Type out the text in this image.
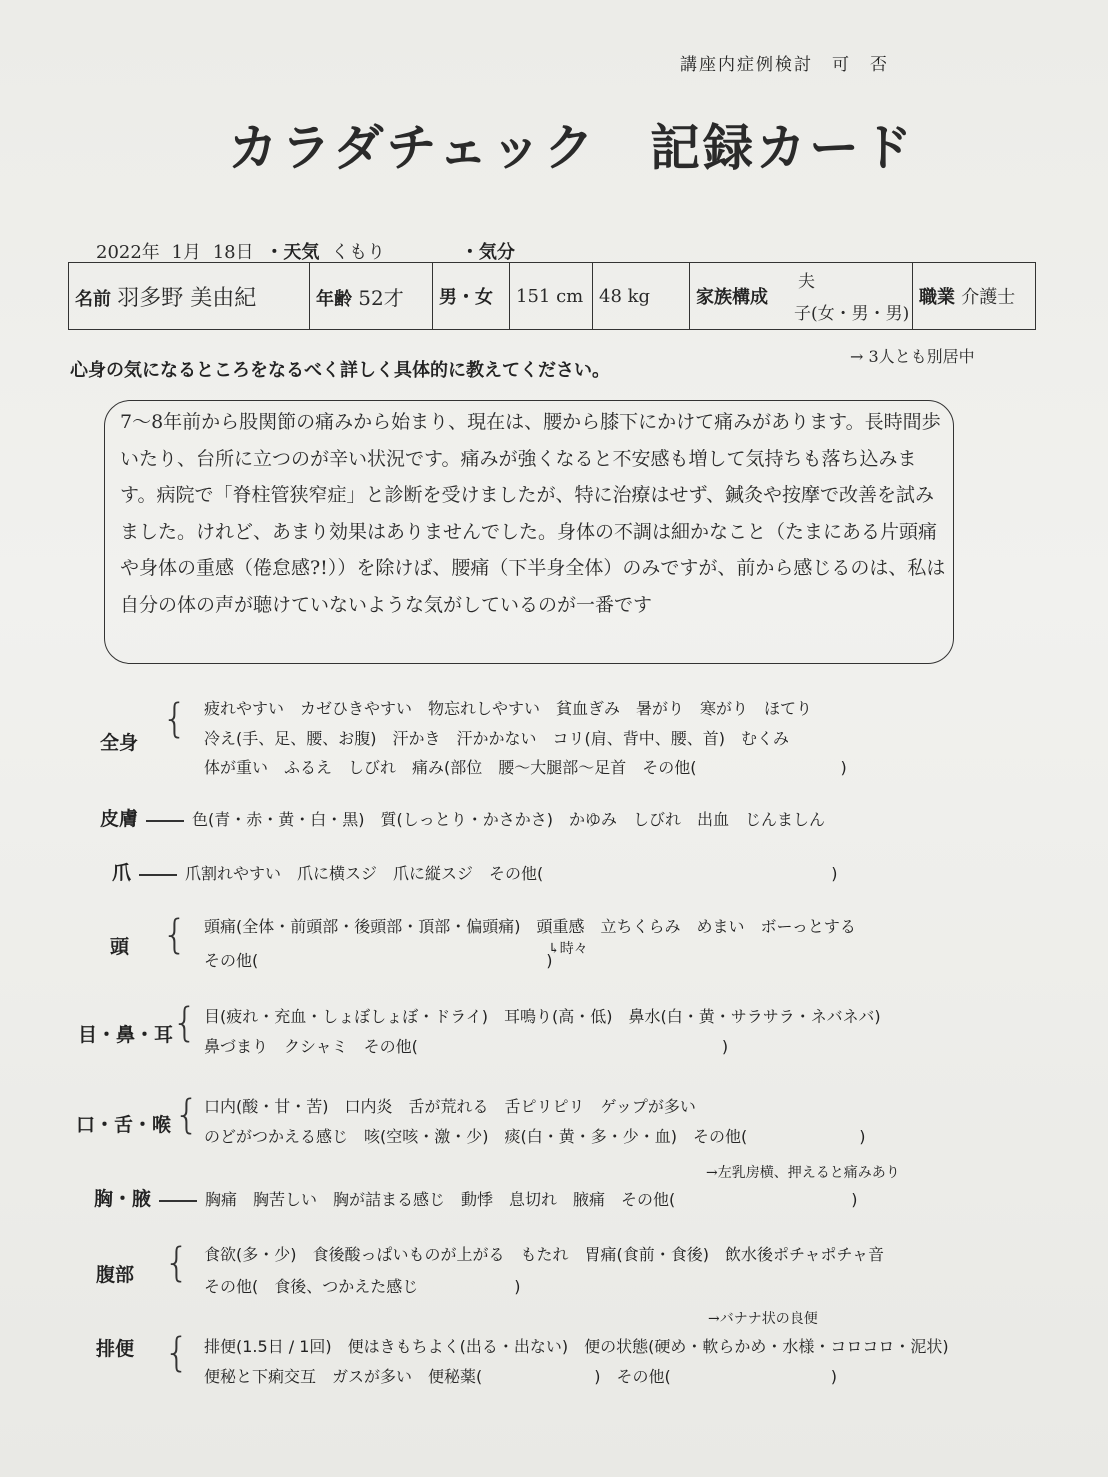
講座内症例検討　可　否
カラダチェック　記録カード
2022年 1月 18日 ・天気 くもり	・気分
名前 羽多野 美由紀	年齢 52才	男・女	151 cm	48 kg	家族構成
夫
子(女・男・男)
	職業 介護士
→ 3人とも別居中
心身の気になるところをなるべく詳しく具体的に教えてください。
7〜8年前から股関節の痛みから始まり、現在は、腰から膝下にかけて痛みがあります。長時間歩いたり、台所に立つのが辛い状況です。痛みが強くなると不安感も増して気持ちも落ち込みます。病院で「脊柱管狭窄症」と診断を受けましたが、特に治療はせず、鍼灸や按摩で改善を試みました。けれど、あまり効果はありませんでした。身体の不調は細かなこと（たまにある片頭痛や身体の重感（倦怠感?!））を除けば、腰痛（下半身全体）のみですが、前から感じるのは、私は自分の体の声が聴けていないような気がしているのが一番です
全身
{ 疲れやすい　カゼひきやすい　物忘れしやすい　貧血ぎみ　暑がり　寒がり　ほてり
冷え(手、足、腰、お腹)　汗かき　汗かかない　コリ(肩、背中、腰、首)　むくみ
体が重い　ふるえ　しびれ　痛み(部位　腰〜大腿部〜足首　その他(　　　　　　　　　)
皮膚	色(青・赤・黄・白・黒)　質(しっとり・かさかさ)　かゆみ　しびれ　出血　じんましん
爪	爪割れやすい　爪に横スジ　爪に縦スジ　その他(　　　　　　　　　　　　　　　　　　)
頭 { 頭痛(全体・前頭部・後頭部・頂部・偏頭痛)　頭重感　立ちくらみ　めまい　ボーっとする
その他(　　　　　　　　　　　　　　　　　　)
↳時々
目・鼻・耳
{ 目(疲れ・充血・しょぼしょぼ・ドライ)　耳鳴り(高・低)　鼻水(白・黄・サラサラ・ネバネバ)
鼻づまり　クシャミ　その他(　　　　　　　　　　　　　　　　　　　)
口・舌・喉 { 口内(酸・甘・苦)　口内炎　舌が荒れる　舌ピリピリ　ゲップが多い
のどがつかえる感じ　咳(空咳・激・少)　痰(白・黄・多・少・血)　その他(　　　　　　　)
→左乳房横、押えると痛みあり
胸・腋	胸痛　胸苦しい　胸が詰まる感じ　動悸　息切れ　腋痛　その他(　　　　　　　　　　　)
腹部 { 食欲(多・少)　食後酸っぱいものが上がる　もたれ　胃痛(食前・食後)　飲水後ポチャポチャ音
その他(　食後、つかえた感じ　　　　　　)
→バナナ状の良便
排便 { 排便(1.5日 / 1回)　便はきもちよく(出る・出ない)　便の状態(硬め・軟らかめ・水様・コロコロ・泥状)
便秘と下痢交互　ガスが多い　便秘薬(　　　　　　　)　その他(　　　　　　　　　　)
